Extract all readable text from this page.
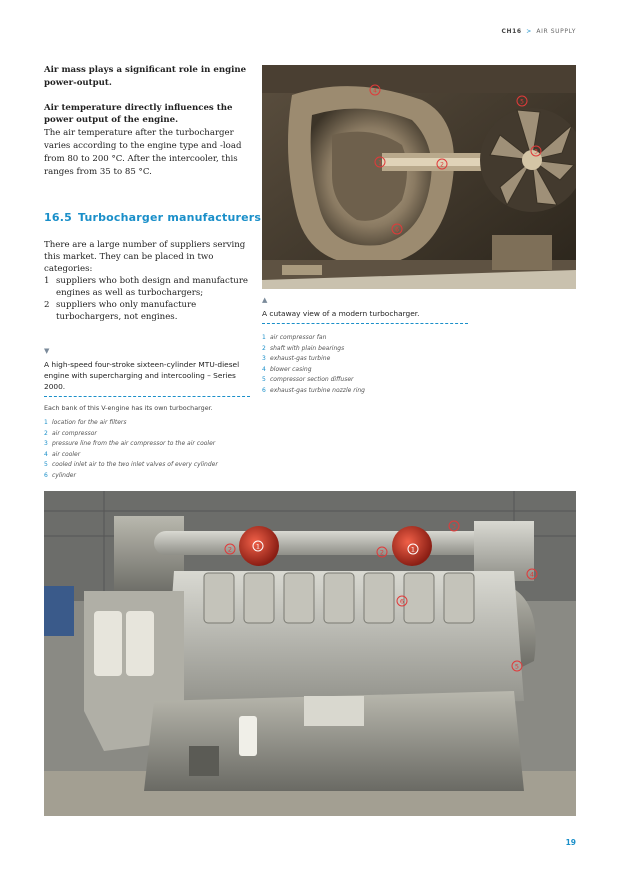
CH16 > AIR SUPPLY

Air mass plays a significant role in engine power-output.

Air temperature directly influences the power output of the engine.
The air temperature after the turbocharger varies according to the engine type and -load from 80 to 200 °C. After the intercooler, this ranges from 35 to 85 °C.

16.5 Turbocharger manufacturers

There are a large number of suppliers serving this market. They can be placed in two categories:

1 suppliers who both design and manufacture engines as well as turbochargers;
2 suppliers who only manufacture turbochargers, not engines.
▼
A high-speed four-stroke sixteen-cylinder MTU-diesel engine with supercharging and intercooling – Series 2000.
Each bank of this V-engine has its own turbocharger.
1 location for the air filters
2 air compressor
3 pressure line from the air compressor to the air cooler
4 air cooler
5 cooled inlet air to the two inlet valves of every cylinder
6 cylinder
4
5
3
1	2
6
▲
A cutaway view of a modern turbocharger.
1 air compressor fan
2 shaft with plain bearings
3 exhaust-gas turbine
4 blower casing
5 compressor section diffuser
6 exhaust-gas turbine nozzle ring
1
2	1
2
3
4
5
6
19
